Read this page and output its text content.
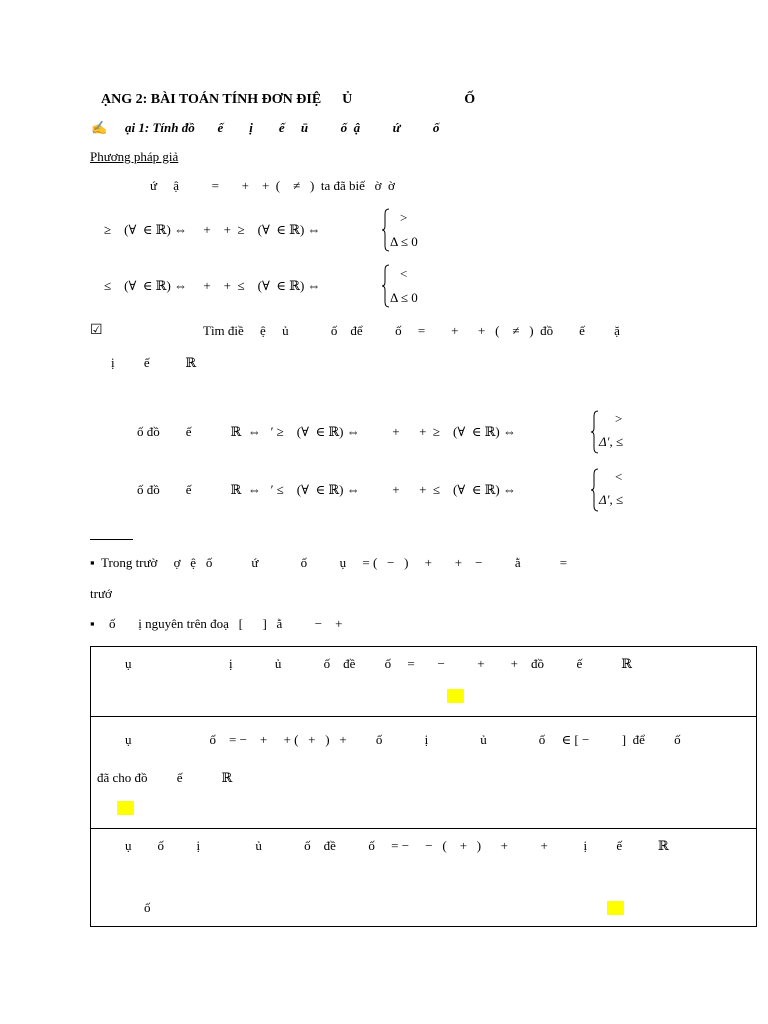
ẠNG 2: BÀI TOÁN TÍNH ĐƠN ĐIỆ      Ủ                                Ố
✍ ại 1: Tính đồ       ế        ị        ế     ū          ố  ậ          ứ          ố
Phương pháp giả
ứ     ậ          =       +    +  (    ≠   )  ta đã biế   ờ  ờ
≥    (∀  ∈ ℝ) ⇔     +    +  ≥    (∀  ∈ ℝ) ⇔
>
Δ ≤ 0
≤    (∀  ∈ ℝ) ⇔     +    +  ≤    (∀  ∈ ℝ) ⇔
<
Δ ≤ 0
☑	Tìm điề     ệ     ủ             ố    để          ố     =        +      +   (    ≠   )  đồ        ế         ặ
ị         ế           ℝ
ố đồ        ế            ℝ  ⇔   ′ ≥    (∀  ∈ ℝ) ⇔          +      +  ≥    (∀  ∈ ℝ) ⇔
>
Δ′, ≤
ố đồ        ế            ℝ  ⇔   ′ ≤    (∀  ∈ ℝ) ⇔          +      +  ≤    (∀  ∈ ℝ) ⇔
<
Δ′, ≤
▪ Trong trườ     ợ   ệ   ố            ứ             ố          ụ     = (   −   )     +       +    −          ằ            =
trướ
▪ ố       ị nguyên trên đoạ   [      ]   ằ          −    +
ụ                              ị             ủ             ố    đề         ố     =       −          +        +    đồ          ế            ℝ

ụ                        ố    = −    +     + (   +   )   +         ố             ị                ủ                ố     ∈ [ −          ]  để         ố
đã cho đồ         ế            ℝ

ụ        ố          ị                 ủ             ố    đề          ố     = −     −   (    +   )      +          +           ị         ế           ℝ
ố
